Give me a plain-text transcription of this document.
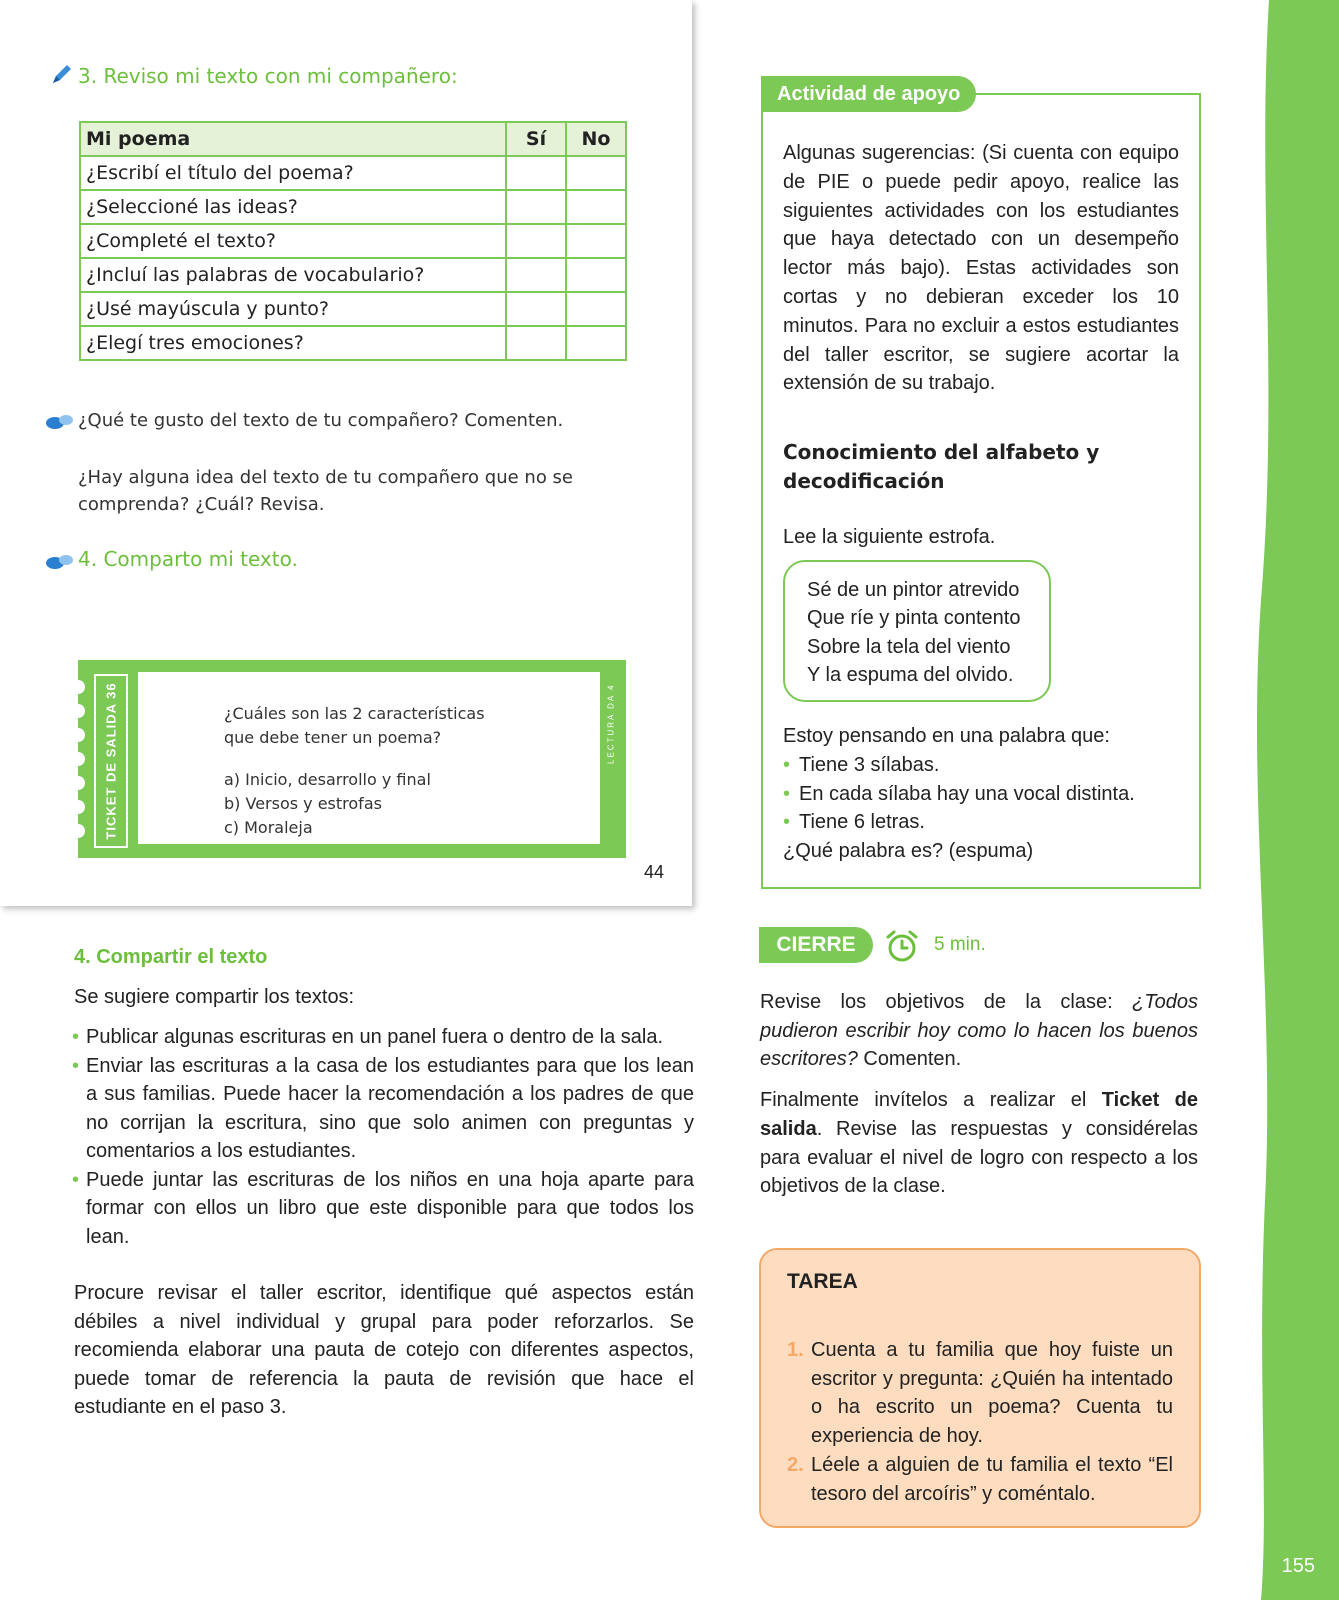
155
3. Reviso mi texto con mi compañero:
Mi poema	Sí	No
¿Escribí el título del poema?		
¿Seleccioné las ideas?		
¿Completé el texto?		
¿Incluí las palabras de vocabulario?		
¿Usé mayúscula y punto?		
¿Elegí tres emociones?		
¿Qué te gusto del texto de tu compañero? Comenten.
¿Hay alguna idea del texto de tu compañero que no se
comprenda? ¿Cuál? Revisa.
4. Comparto mi texto.
TICKET DE SALIDA 36	¿Cuáles son las 2 características
que debe tener un poema?
a) Inicio, desarrollo y final
b) Versos y estrofas
c) Moraleja
LECTURA DA 4
44
4. Compartir el texto

Se sugiere compartir los textos:

• Publicar algunas escrituras en un panel fuera o dentro de la sala.
• Enviar las escrituras a la casa de los estudiantes para que los lean a sus familias. Puede hacer la recomendación a los padres de que no corrijan la escritura, sino que solo animen con preguntas y comentarios a los estudiantes.
• Puede juntar las escrituras de los niños en una hoja aparte para formar con ellos un libro que este disponible para que todos los lean.

Procure revisar el taller escritor, identifique qué aspectos están débiles a nivel individual y grupal para poder reforzarlos. Se recomienda elaborar una pauta de cotejo con diferentes aspectos, puede tomar de referencia la pauta de revisión que hace el estudiante en el paso 3.

Algunas sugerencias: (Si cuenta con equipo de PIE o puede pedir apoyo, realice las siguientes actividades con los estudiantes que haya detectado con un desempeño lector más bajo). Estas actividades son cortas y no debieran exceder los 10 minutos. Para no excluir a estos estudiantes del taller escritor, se sugiere acortar la extensión de su trabajo.

Conocimiento del alfabeto y
decodificación

Lee la siguiente estrofa.

Sé de un pintor atrevido
Que ríe y pinta contento
Sobre la tela del viento
Y la espuma del olvido.

Estoy pensando en una palabra que:

• Tiene 3 sílabas.
• En cada sílaba hay una vocal distinta.
• Tiene 6 letras.

¿Qué palabra es? (espuma)

Actividad de apoyo
CIERRE	5 min.

Revise los objetivos de la clase: ¿Todos pudieron escribir hoy como lo hacen los buenos escritores? Comenten.

Finalmente invítelos a realizar el Ticket de salida. Revise las respuestas y considérelas para evaluar el nivel de logro con respecto a los objetivos de la clase.

TAREA
1. Cuenta a tu familia que hoy fuiste un escritor y pregunta: ¿Quién ha intentado o ha escrito un poema? Cuenta tu experiencia de hoy.
2. Léele a alguien de tu familia el texto “El tesoro del arcoíris” y coméntalo.
